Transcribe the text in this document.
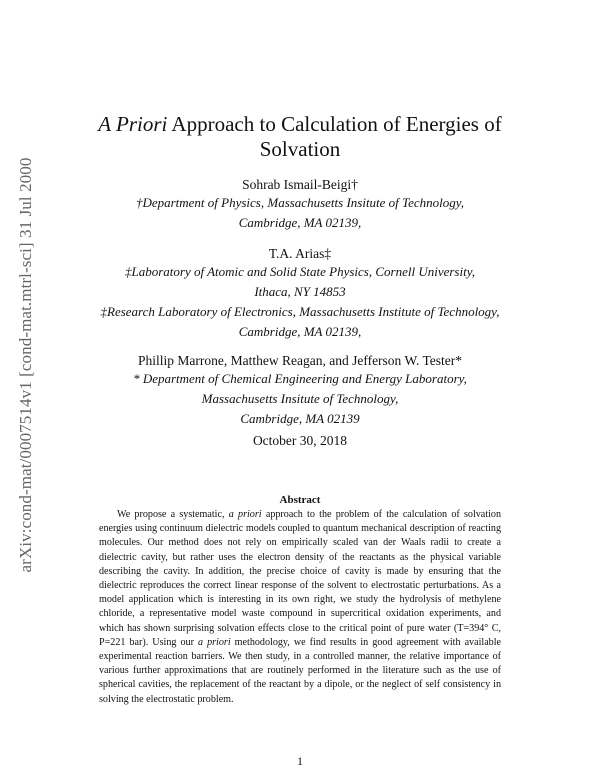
arXiv:cond-mat/0007514v1 [cond-mat.mtrl-sci] 31 Jul 2000
A Priori Approach to Calculation of Energies of
Solvation
Sohrab Ismail-Beigi†
†Department of Physics, Massachusetts Insitute of Technology,
Cambridge, MA 02139,
T.A. Arias‡
‡Laboratory of Atomic and Solid State Physics, Cornell University,
Ithaca, NY 14853
‡Research Laboratory of Electronics, Massachusetts Institute of Technology,
Cambridge, MA 02139,
Phillip Marrone, Matthew Reagan, and Jefferson W. Tester*
* Department of Chemical Engineering and Energy Laboratory,
Massachusetts Insitute of Technology,
Cambridge, MA 02139
October 30, 2018
Abstract

We propose a systematic, a priori approach to the problem of the calculation of solvation energies using continuum dielectric models coupled to quantum mechanical description of reacting molecules. Our method does not rely on empirically scaled van der Waals radii to create a dielectric cavity, but rather uses the electron density of the reactants as the physical variable describing the cavity. In addition, the precise choice of cavity is made by ensuring that the dielectric reproduces the correct linear response of the solvent to electrostatic perturbations. As a model application which is interesting in its own right, we study the hydrolysis of methylene chloride, a representative model waste compound in supercritical oxidation experiments, and which has shown surprising solvation effects close to the critical point of pure water (T=394° C, P=221 bar). Using our a priori methodology, we find results in good agreement with available experimental reaction barriers. We then study, in a controlled manner, the relative importance of various further approximations that are routinely performed in the literature such as the use of spherical cavities, the replacement of the reactant by a dipole, or the neglect of self consistency in solving the electrostatic problem.

1
